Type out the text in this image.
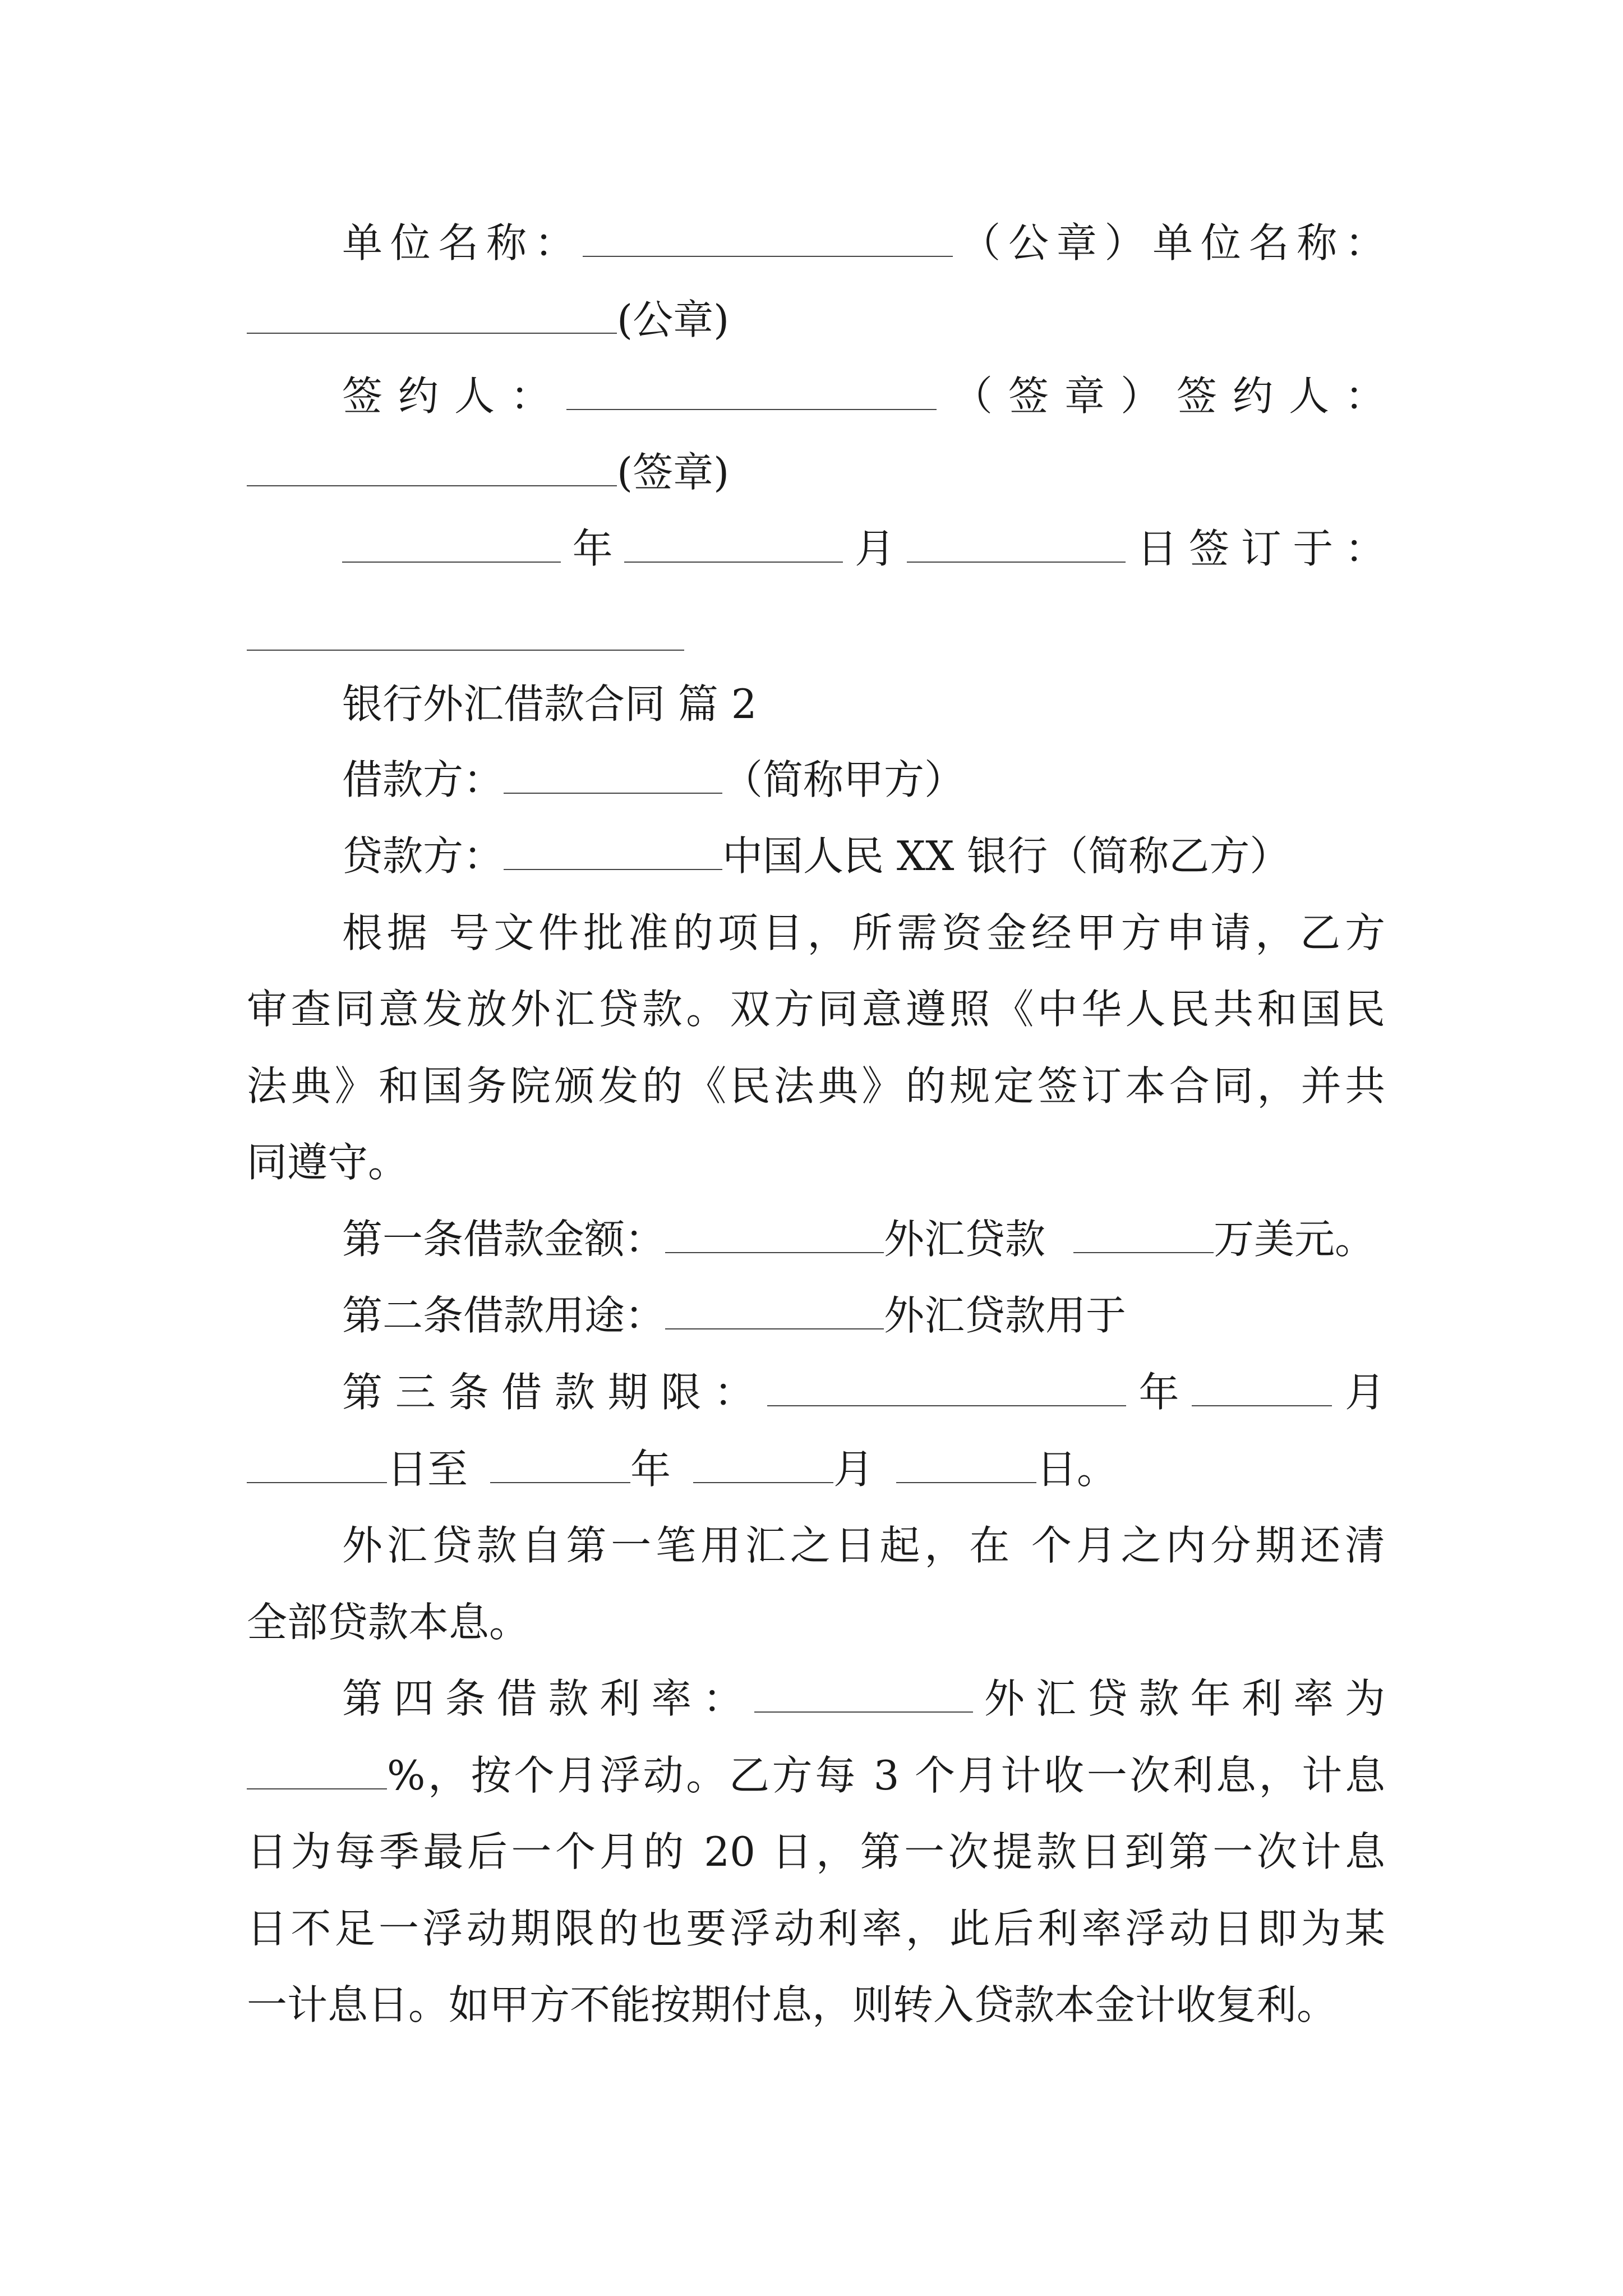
单位名称：	（公章）单位名称：
(公章)
签约人：	（签章）签约人：
(签章)
年	月	日签订于：
银行外汇借款合同 篇 2
借款方：	（简称甲方）
贷款方：	中国人民 XX 银行（简称乙方）
根据 号文件批准的项目，所需资金经甲方申请，乙方
审查同意发放外汇贷款。双方同意遵照《中华人民共和国民
法典》和国务院颁发的《民法典》的规定签订本合同，并共
同遵守。
第一条借款金额：	外汇贷款	万美元。
第二条借款用途：	外汇贷款用于
第三条借款期限：	年	月
日至	年	月	日。
外汇贷款自第一笔用汇之日起，在 个月之内分期还清
全部贷款本息。
第四条借款利率：	外汇贷款年利率为
%，按个月浮动。乙方每 3 个月计收一次利息，计息
日为每季最后一个月的 20 日，第一次提款日到第一次计息
日不足一浮动期限的也要浮动利率，此后利率浮动日即为某
一计息日。如甲方不能按期付息，则转入贷款本金计收复利。
